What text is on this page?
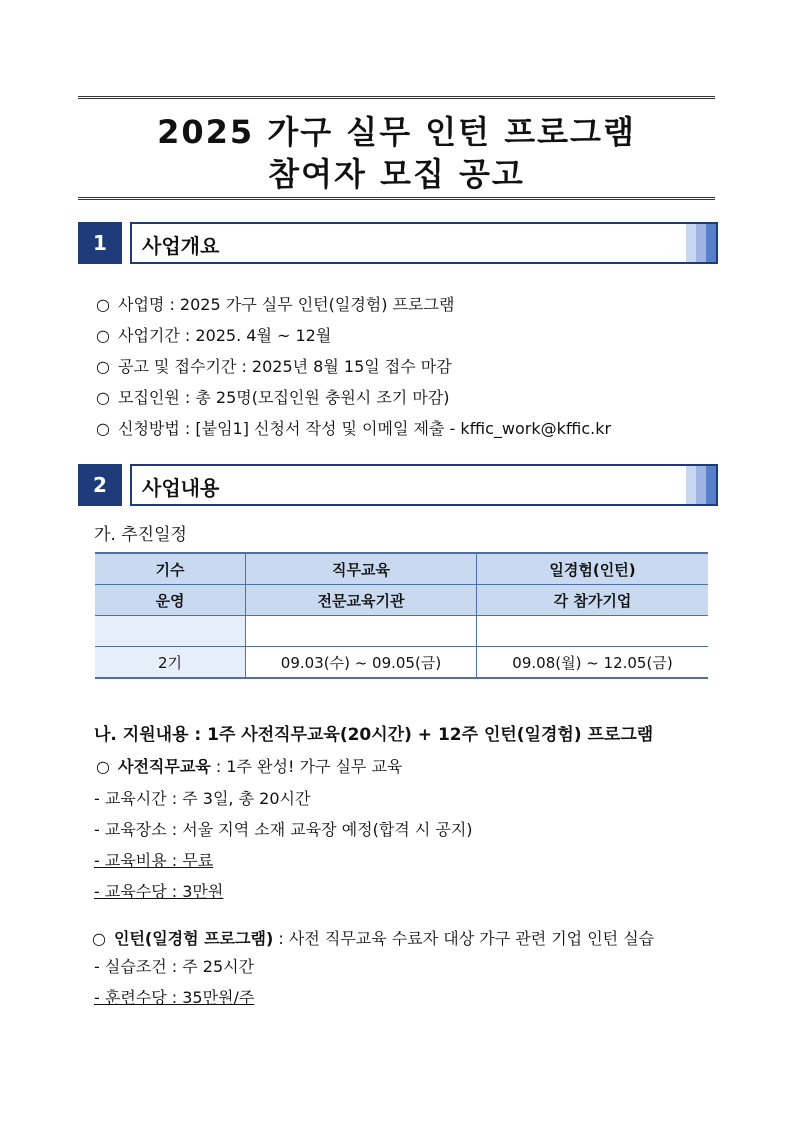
2025 가구 실무 인턴 프로그램
참여자 모집 공고
1	사업개요
○ 사업명 : 2025 가구 실무 인턴(일경험) 프로그램
○ 사업기간 : 2025. 4월 ~ 12월
○ 공고 및 접수기간 : 2025년 8월 15일 접수 마감
○ 모집인원 : 총 25명(모집인원 충원시 조기 마감)
○ 신청방법 : [붙임1] 신청서 작성 및 이메일 제출 - kffic_work@kffic.kr
2	사업내용
가. 추진일정
기수	직무교육	일경험(인턴)
운영	전문교육기관	각 참가기업

2기	09.03(수) ~ 09.05(금)	09.08(월) ~ 12.05(금)
나. 지원내용 : 1주 사전직무교육(20시간) + 12주 인턴(일경험) 프로그램
○ 사전직무교육 : 1주 완성! 가구 실무 교육
- 교육시간 : 주 3일, 총 20시간
- 교육장소 : 서울 지역 소재 교육장 예정(합격 시 공지)
- 교육비용 : 무료
- 교육수당 : 3만원
○ 인턴(일경험 프로그램) : 사전 직무교육 수료자 대상 가구 관련 기업 인턴 실습
- 실습조건 : 주 25시간
- 훈련수당 : 35만원/주
